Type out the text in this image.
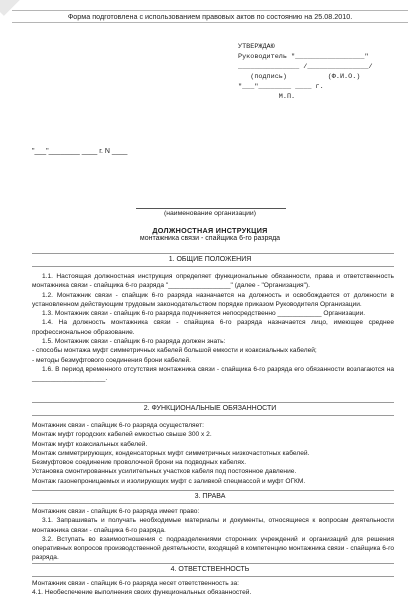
Форма подготовлена с использованием правовых актов по состоянию на 25.08.2010.
УТВЕРЖДАЮ
Руководитель "_________________"
_______________ /_______________/
(подпись)          (Ф.И.О.)
"___"________ ____ г.
М.П.
"___"________ ____ г. N ____
(наименование организации)
ДОЛЖНОСТНАЯ ИНСТРУКЦИЯ
монтажника связи - спайщика 6-го разряда
1. ОБЩИЕ ПОЛОЖЕНИЯ

1.1. Настоящая должностная инструкция определяет функциональные обязанности, права и ответственность монтажника связи - спайщика 6-го разряда "_________________" (далее - "Организация").

1.2. Монтажник связи - спайщик 6-го разряда назначается на должность и освобождается от должности в установленном действующим трудовым законодательством порядке приказом Руководителя Организации.

1.3. Монтажник связи - спайщик 6-го разряда подчиняется непосредственно ____________ Организации.

1.4. На должность монтажника связи - спайщика 6-го разряда назначается лицо, имеющее среднее профессиональное образование.

1.5. Монтажник связи - спайщик 6-го разряда должен знать:

- способы монтажа муфт симметричных кабелей большой емкости и коаксиальных кабелей;

- методы безмуфтового соединения брони кабелей.

1.6. В период временного отсутствия монтажника связи - спайщика 6-го разряда его обязанности возлагаются на ____________________.

2. ФУНКЦИОНАЛЬНЫЕ ОБЯЗАННОСТИ

Монтажник связи - спайщик 6-го разряда осуществляет:

Монтаж муфт городских кабелей емкостью свыше 300 х 2.

Монтаж муфт коаксиальных кабелей.

Монтаж симметрирующих, конденсаторных муфт симметричных низкочастотных кабелей.

Безмуфтовое соединение проволочной брони на подводных кабелях.

Установка смонтированных усилительных участков кабеля под постоянное давление.

Монтаж газонепроницаемых и изолирующих муфт с заливкой спецмассой и муфт ОГКМ.

3. ПРАВА

Монтажник связи - спайщик 6-го разряда имеет право:

3.1. Запрашивать и получать необходимые материалы и документы, относящиеся к вопросам деятельности монтажника связи - спайщика 6-го разряда.

3.2. Вступать во взаимоотношения с подразделениями сторонних учреждений и организаций для решения оперативных вопросов производственной деятельности, входящей в компетенцию монтажника связи - спайщика 6-го разряда.

4. ОТВЕТСТВЕННОСТЬ

Монтажник связи - спайщик 6-го разряда несет ответственность за:

4.1. Необеспечение выполнения своих функциональных обязанностей.
